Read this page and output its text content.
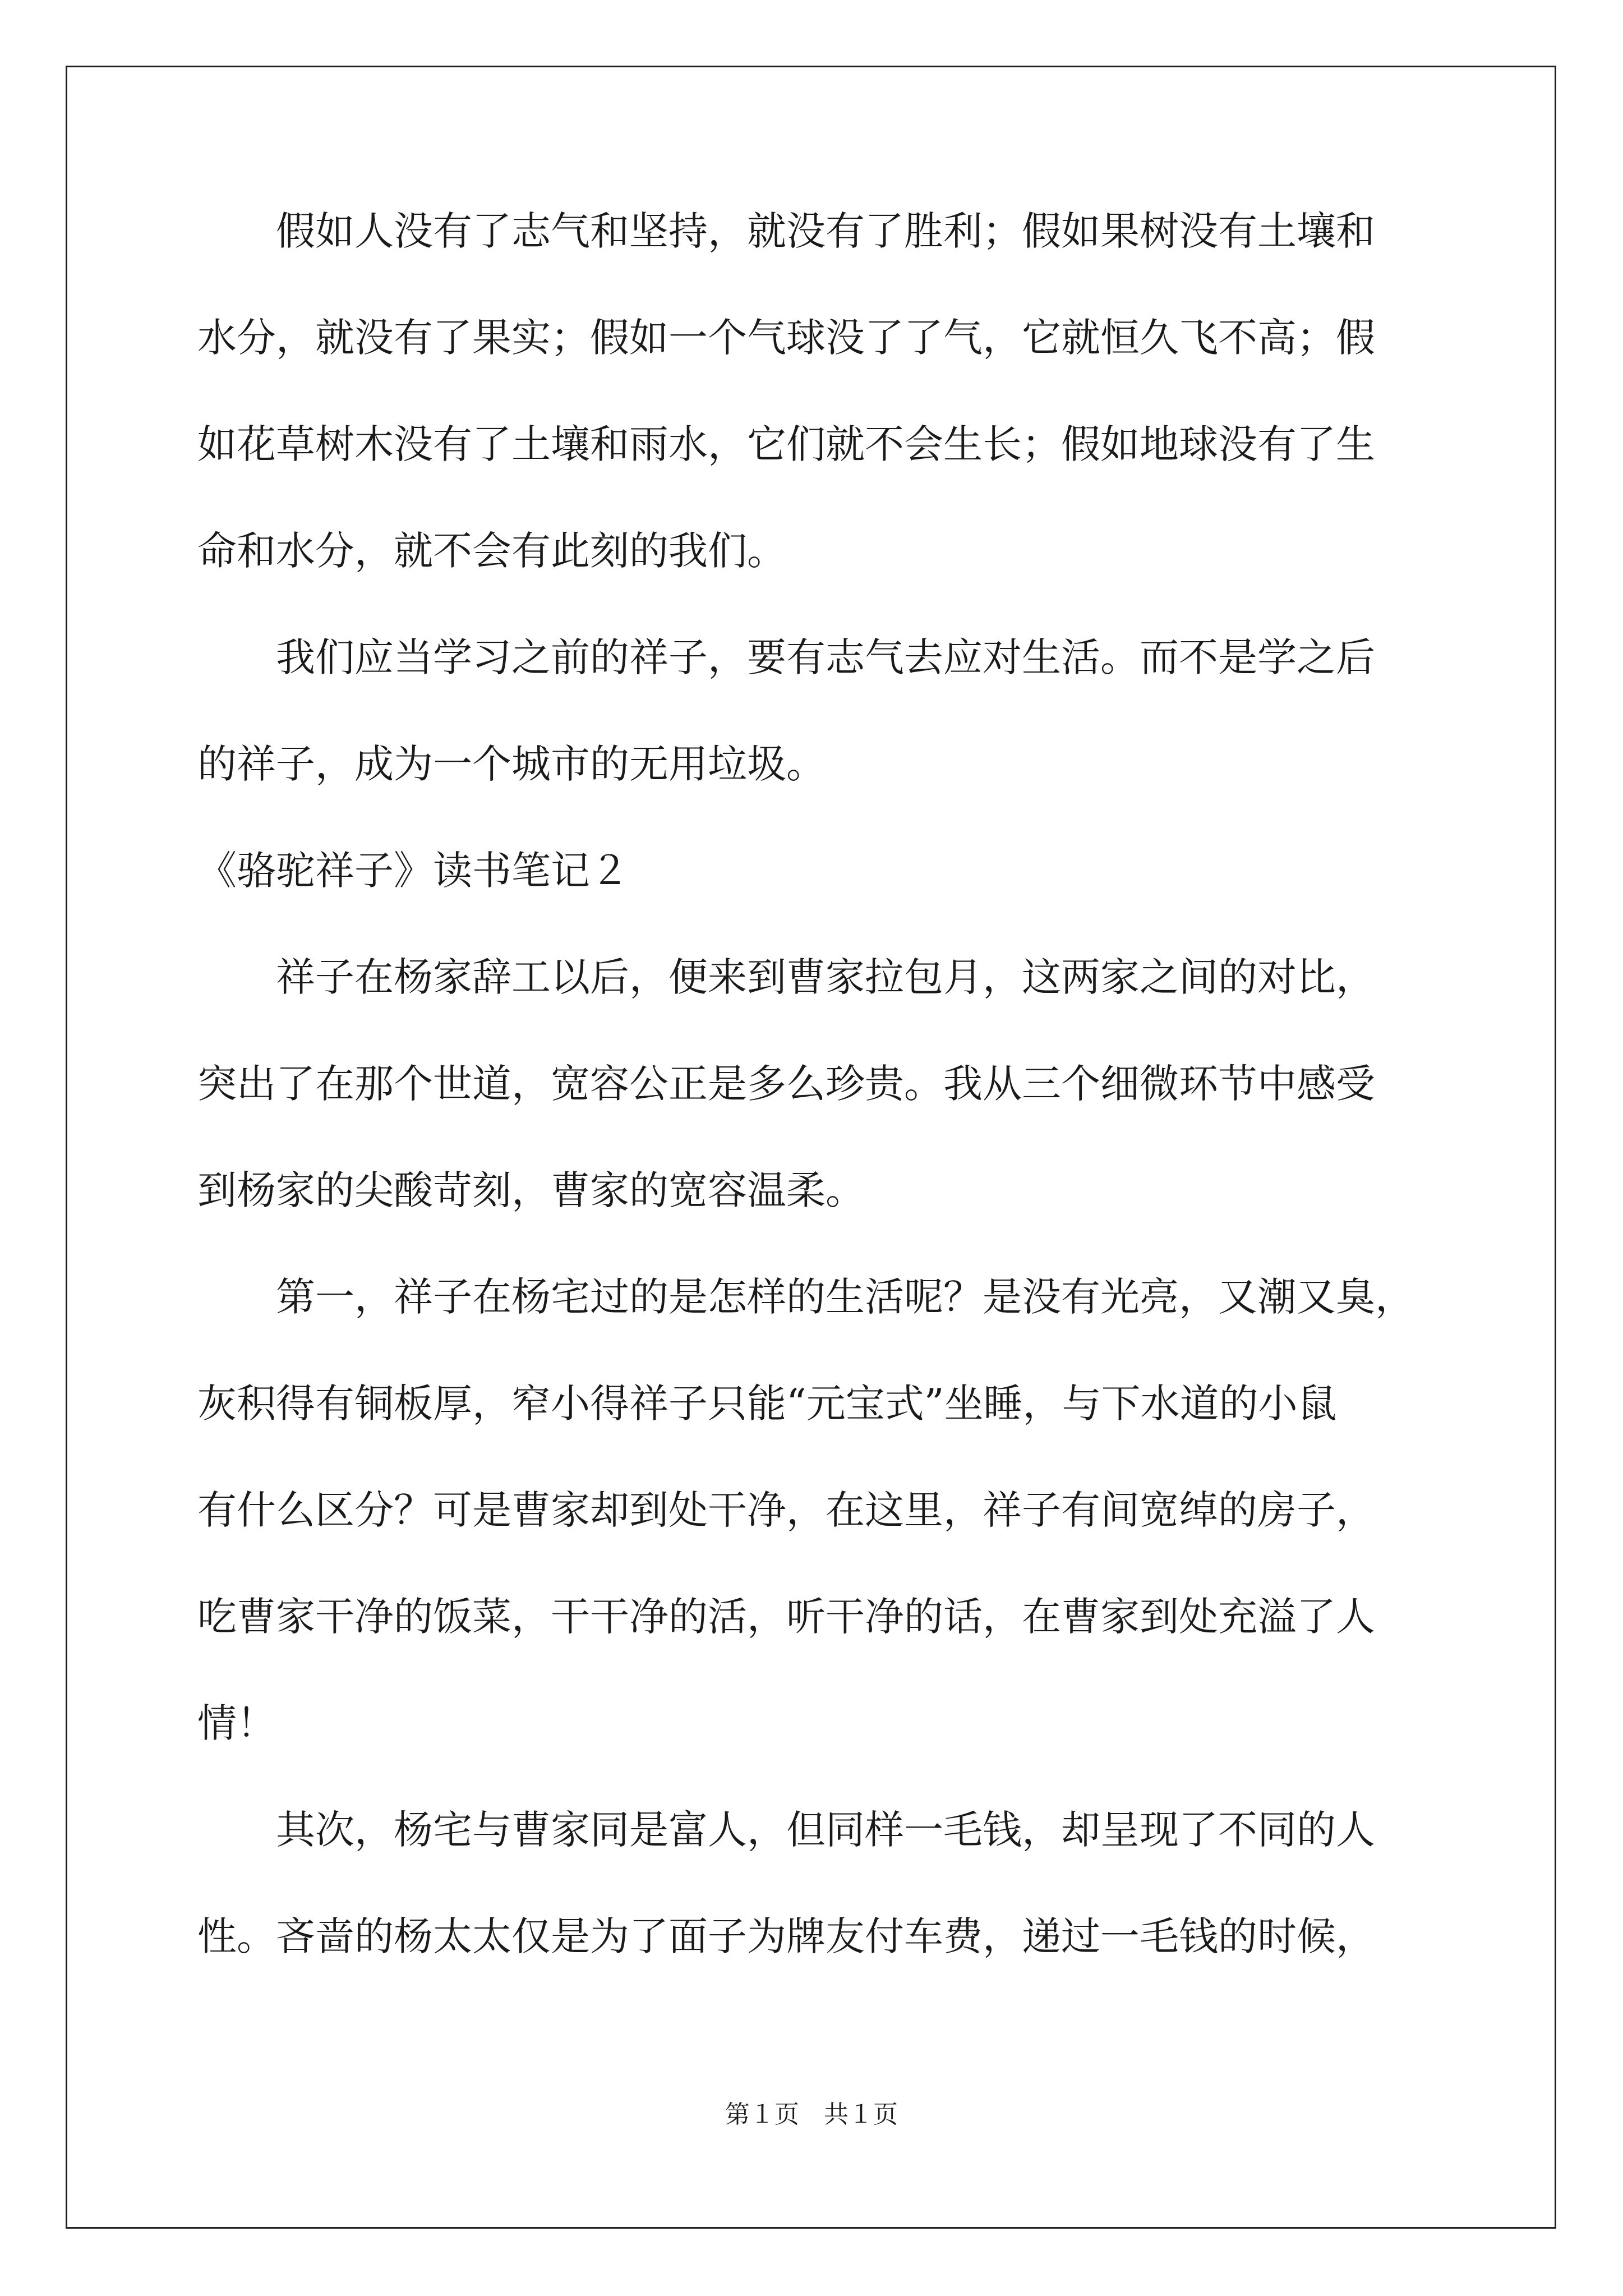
　　假如人没有了志气和坚持，就没有了胜利；假如果树没有土壤和
水分，就没有了果实；假如一个气球没了了气，它就恒久飞不高；假
如花草树木没有了土壤和雨水，它们就不会生长；假如地球没有了生
命和水分，就不会有此刻的我们。
　　我们应当学习之前的祥子，要有志气去应对生活。而不是学之后
的祥子，成为一个城市的无用垃圾。
《骆驼祥子》读书笔记２
　　祥子在杨家辞工以后，便来到曹家拉包月，这两家之间的对比，
突出了在那个世道，宽容公正是多么珍贵。我从三个细微环节中感受
到杨家的尖酸苛刻，曹家的宽容温柔。
　　第一，祥子在杨宅过的是怎样的生活呢？是没有光亮，又潮又臭，
灰积得有铜板厚，窄小得祥子只能“元宝式”坐睡，与下水道的小鼠
有什么区分？可是曹家却到处干净，在这里，祥子有间宽绰的房子，
吃曹家干净的饭菜，干干净的活，听干净的话，在曹家到处充溢了人
情！
　　其次，杨宅与曹家同是富人，但同样一毛钱，却呈现了不同的人
性。吝啬的杨太太仅是为了面子为牌友付车费，递过一毛钱的时候，
第１页　共１页
